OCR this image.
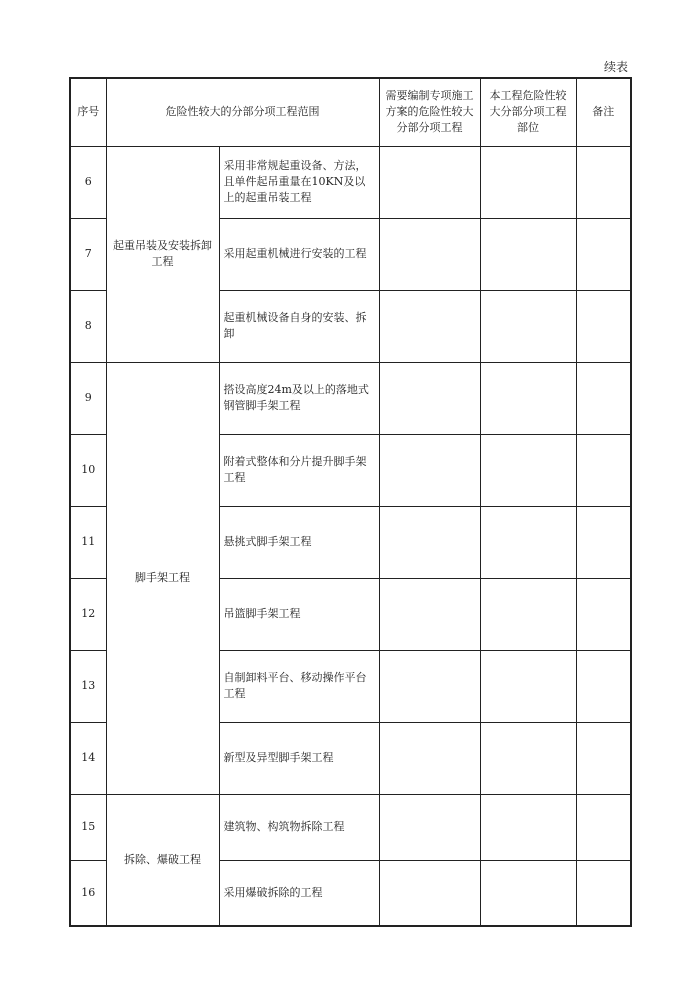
续表
序号	危险性较大的分部分项工程范围		需要编制专项施工方案的危险性较大分部分项工程	本工程危险性较大分部分项工程部位	备注
6	起重吊装及安装拆卸工程	采用非常规起重设备、方法，且单件起吊重量在10KN及以上的起重吊装工程			
7		采用起重机械进行安装的工程			
8		起重机械设备自身的安装、拆卸			
9	脚手架工程	搭设高度24m及以上的落地式钢管脚手架工程			
10		附着式整体和分片提升脚手架工程			
11		悬挑式脚手架工程			
12		吊篮脚手架工程			
13		自制卸料平台、移动操作平台工程			
14		新型及异型脚手架工程			
15	拆除、爆破工程	建筑物、构筑物拆除工程			
16		采用爆破拆除的工程			
